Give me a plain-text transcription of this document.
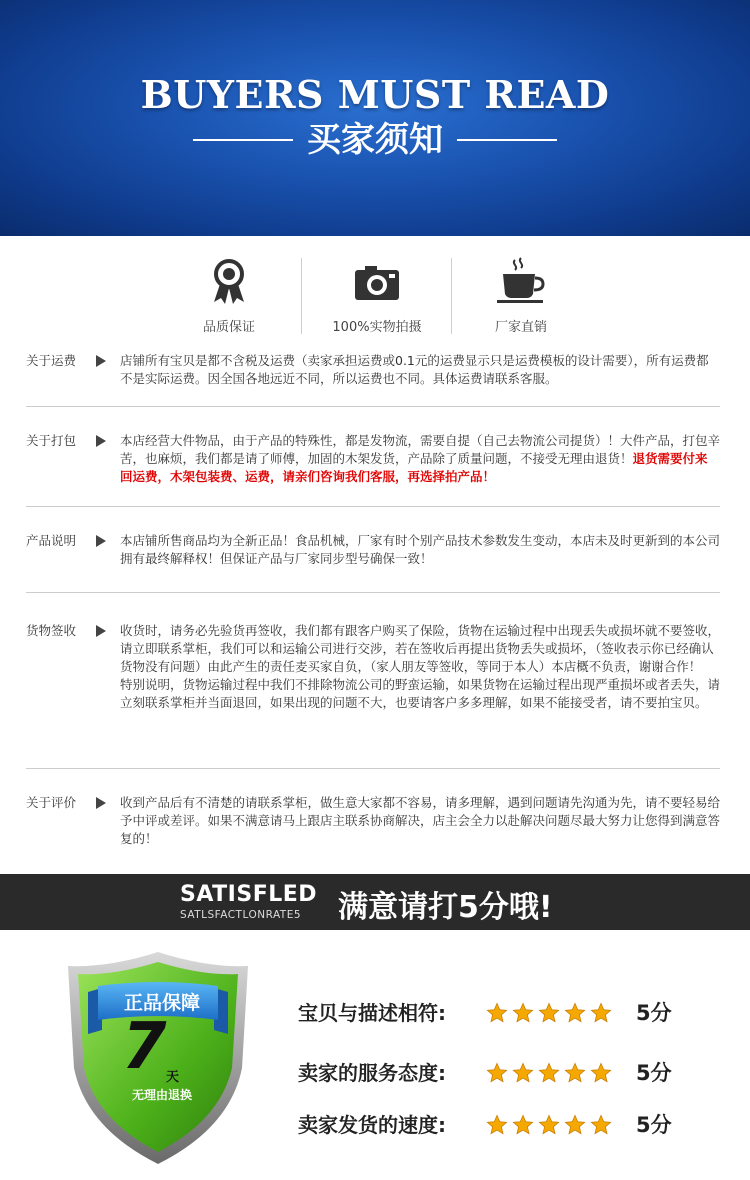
BUYERS MUST READ
买家须知
品质保证	100%实物拍摄	厂家直销
关于运费	店铺所有宝贝是都不含税及运费（卖家承担运费或0.1元的运费显示只是运费模板的设计需要），所有运费都不是实际运费。因全国各地远近不同，所以运费也不同。具体运费请联系客服。
关于打包	本店经营大件物品，由于产品的特殊性，都是发物流，需要自提（自己去物流公司提货）！大件产品，打包辛苦，也麻烦，我们都是请了师傅，加固的木架发货，产品除了质量问题，不接受无理由退货！退货需要付来回运费，木架包装费、运费，请亲们咨询我们客服，再选择拍产品！
产品说明	本店铺所售商品均为全新正品！食品机械，厂家有时个别产品技术参数发生变动，本店未及时更新到的本公司拥有最终解释权！但保证产品与厂家同步型号确保一致！
货物签收	收货时，请务必先验货再签收，我们都有跟客户购买了保险，货物在运输过程中出现丢失或损坏就不要签收，请立即联系掌柜，我们可以和运输公司进行交涉，若在签收后再提出货物丢失或损坏，（签收表示你已经确认货物没有问题）由此产生的责任麦买家自负，（家人朋友等签收，等同于本人）本店概不负责，谢谢合作！
特别说明，货物运输过程中我们不排除物流公司的野蛮运输，如果货物在运输过程出现严重损坏或者丢失，请立刻联系掌柜并当面退回，如果出现的问题不大，也要请客户多多理解，如果不能接受者，请不要拍宝贝。
关于评价	收到产品后有不清楚的请联系掌柜，做生意大家都不容易，请多理解，遇到问题请先沟通为先，请不要轻易给予中评或差评。如果不满意请马上跟店主联系协商解决，店主会全力以赴解决问题尽最大努力让您得到满意答复的！
SATISFLED
SATLSFACTLONRATE5 满意请打5分哦!
正品保障
7 天
无理由退换
宝贝与描述相符:	5分
卖家的服务态度:	5分
卖家发货的速度:	5分
